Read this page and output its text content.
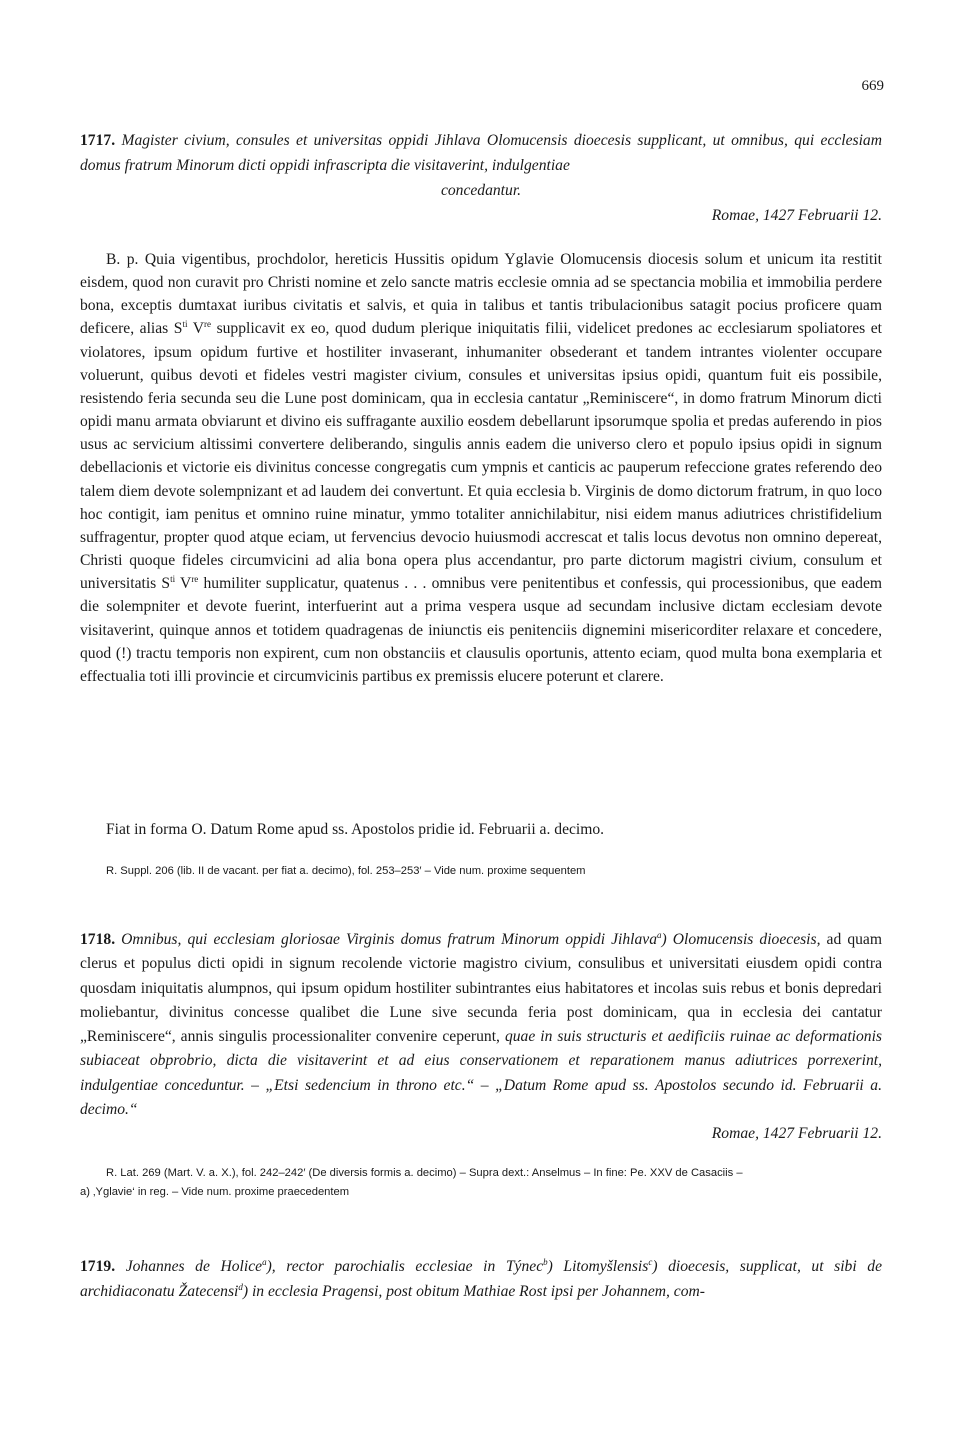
669

1717. Magister civium, consules et universitas oppidi Jihlava Olomucensis dioecesis supplicant, ut omnibus, qui ecclesiam domus fratrum Minorum dicti oppidi infrascripta die visitaverint, indulgentiae

concedantur.

Romae, 1427 Februarii 12.

B. p. Quia vigentibus, prochdolor, hereticis Hussitis opidum Yglavie Olomucensis diocesis solum et unicum ita restitit eisdem, quod non curavit pro Christi nomine et zelo sancte matris ecclesie omnia ad se spectancia mobilia et immobilia perdere bona, exceptis dumtaxat iuribus civitatis et salvis, et quia in talibus et tantis tribulacionibus satagit pocius proficere quam deficere, alias $S^{ti}$ Vre supplicavit ex eo, quod dudum plerique iniquitatis filii, videlicet predones ac ecclesiarum spoliatores et violatores, ipsum opidum furtive et hostiliter invaserant, inhumaniter obsederant et tandem intrantes violenter occupare voluerunt, quibus devoti et fideles vestri magister civium, consules et universitas ipsius opidi, quantum fuit eis possibile, resistendo feria secunda seu die Lune post dominicam, qua in ecclesia cantatur „Reminiscere“, in domo fratrum Minorum dicti opidi manu armata obviarunt et divino eis suffragante auxilio eosdem debellarunt ipsorumque spolia et predas auferendo in pios usus ac servicium altissimi convertere deliberando, singulis annis eadem die universo clero et populo ipsius opidi in signum debellacionis et victorie eis divinitus concesse congregatis cum ympnis et canticis ac pauperum refeccione grates referendo deo talem diem devote solempnizant et ad laudem dei convertunt. Et quia ecclesia b. Virginis de domo dictorum fratrum, in quo loco hoc contigit, iam penitus et omnino ruine minatur, ymmo totaliter annichilabitur, nisi eidem manus adiutrices christifidelium suffragentur, propter quod atque eciam, ut fervencius devocio huiusmodi accrescat et talis locus devotus non omnino depereat, Christi quoque fideles circumvicini ad alia bona opera plus accendantur, pro parte dictorum magistri civium, consulum et universitatis $S^{ti}$ Vre humiliter supplicatur, quatenus . . . omnibus vere penitentibus et confessis, qui processionibus, que eadem die solempniter et devote fuerint, interfuerint aut a prima vespera usque ad secundam inclusive dictam ecclesiam devote visitaverint, quinque annos et totidem quadragenas de iniunctis eis penitenciis dignemini misericorditer relaxare et concedere, quod (!) tractu temporis non expirent, cum non obstanciis et clausulis oportunis, attento eciam, quod multa bona exemplaria et effectualia toti illi provincie et circumvicinis partibus ex premissis elucere poterunt et clarere.

Fiat in forma O. Datum Rome apud ss. Apostolos pridie id. Februarii a. decimo.

R. Suppl. 206 (lib. II de vacant. per fiat a. decimo), fol. 253–253′ – Vide num. proxime sequentem

1718. Omnibus, qui ecclesiam gloriosae Virginis domus fratrum Minorum oppidi Jihlava$^a$) Olomucensis dioecesis, ad quam clerus et populus dicti opidi in signum recolende victorie magistro civium, consulibus et universitati eiusdem opidi contra quosdam iniquitatis alumpnos, qui ipsum opidum hostiliter subintrantes eius habitatores et incolas suis rebus et bonis depredari moliebantur, divinitus concesse qualibet die Lune sive secunda feria post dominicam, qua in ecclesia dei cantatur „Reminiscere“, annis singulis processionaliter convenire ceperunt, quae in suis structuris et aedificiis ruinae ac deformationis subiaceat obprobrio, dicta die visitaverint et ad eius conservationem et reparationem manus adiutrices porrexerint, indulgentiae conceduntur. – „Etsi sedencium in throno etc.“ – „Datum Rome apud ss. Apostolos secundo id. Februarii a. decimo.“

Romae, 1427 Februarii 12.

R. Lat. 269 (Mart. V. a. X.), fol. 242–242′ (De diversis formis a. decimo) – Supra dext.: Anselmus – In fine: Pe. XXV de Casaciis –
a) ‚Yglavie‘ in reg. – Vide num. proxime praecedentem

1719. Johannes de Holice$^a$), rector parochialis ecclesiae in Týnec$^b$) Litomyšlensis$^c$) dioecesis, supplicat, ut sibi de archidiaconatu Žatecensi$^d$) in ecclesia Pragensi, post obitum Mathiae Rost ipsi per Johannem, com-
